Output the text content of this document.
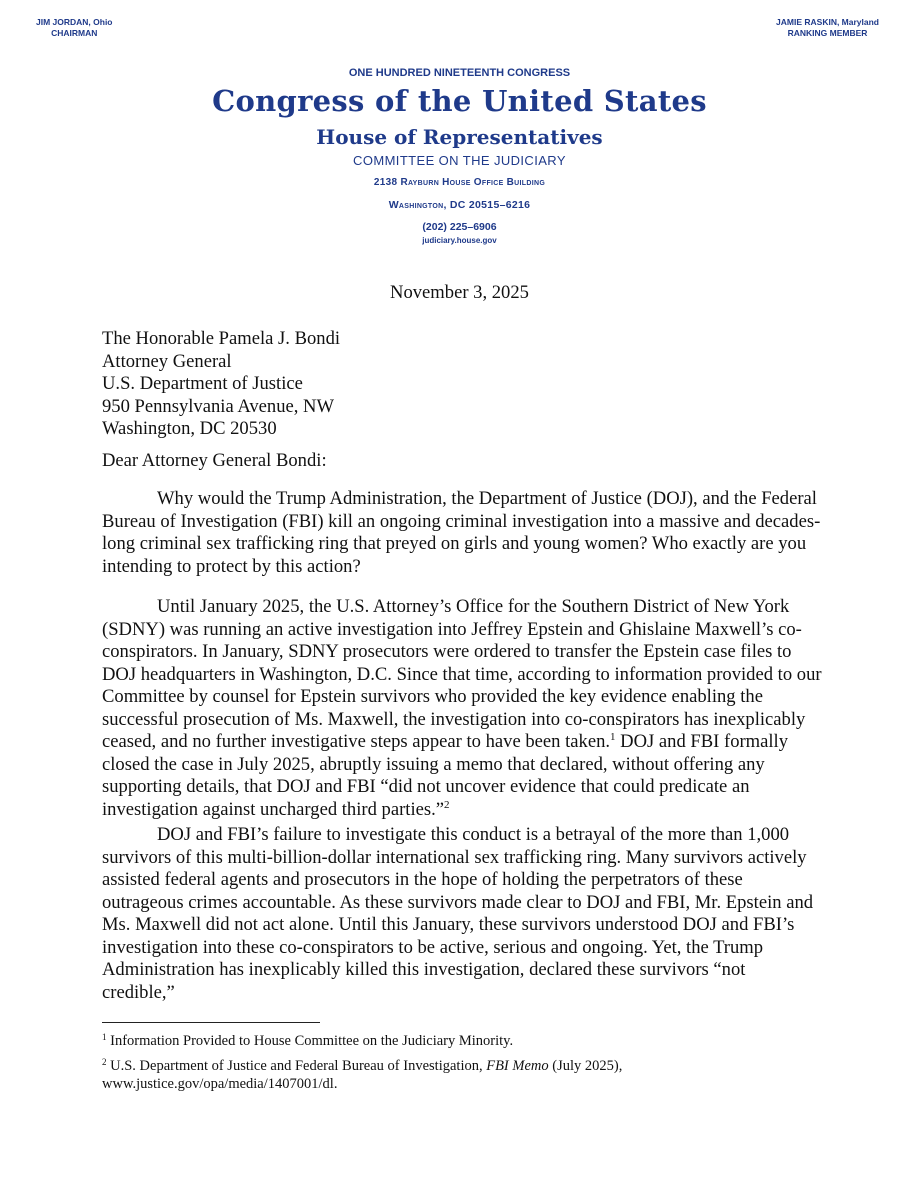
JIM JORDAN, Ohio
CHAIRMAN
JAMIE RASKIN, Maryland
RANKING MEMBER
ONE HUNDRED NINETEENTH CONGRESS
Congress of the United States
House of Representatives
COMMITTEE ON THE JUDICIARY
2138 Rayburn House Office Building
Washington, DC 20515–6216
(202) 225–6906
judiciary.house.gov
November 3, 2025
The Honorable Pamela J. Bondi
Attorney General
U.S. Department of Justice
950 Pennsylvania Avenue, NW
Washington, DC 20530
Dear Attorney General Bondi:

Why would the Trump Administration, the Department of Justice (DOJ), and the Federal

Bureau of Investigation (FBI) kill an ongoing criminal investigation into a massive and decades-

long criminal sex trafficking ring that preyed on girls and young women? Who exactly are you

intending to protect by this action?

Until January 2025, the U.S. Attorney’s Office for the Southern District of New York

(SDNY) was running an active investigation into Jeffrey Epstein and Ghislaine Maxwell’s co-

conspirators. In January, SDNY prosecutors were ordered to transfer the Epstein case files to

DOJ headquarters in Washington, D.C. Since that time, according to information provided to our

Committee by counsel for Epstein survivors who provided the key evidence enabling the

successful prosecution of Ms. Maxwell, the investigation into co-conspirators has inexplicably

ceased, and no further investigative steps appear to have been taken.$^1$ DOJ and FBI formally

closed the case in July 2025, abruptly issuing a memo that declared, without offering any

supporting details, that DOJ and FBI “did not uncover evidence that could predicate an

investigation against uncharged third parties.”$^2$

DOJ and FBI’s failure to investigate this conduct is a betrayal of the more than 1,000

survivors of this multi-billion-dollar international sex trafficking ring. Many survivors actively

assisted federal agents and prosecutors in the hope of holding the perpetrators of these

outrageous crimes accountable. As these survivors made clear to DOJ and FBI, Mr. Epstein and

Ms. Maxwell did not act alone. Until this January, these survivors understood DOJ and FBI’s

investigation into these co-conspirators to be active, serious and ongoing. Yet, the Trump

Administration has inexplicably killed this investigation, declared these survivors “not credible,”

$^1$ Information Provided to House Committee on the Judiciary Minority.
$^2$ U.S. Department of Justice and Federal Bureau of Investigation, FBI Memo (July 2025),
www.justice.gov/opa/media/1407001/dl.
